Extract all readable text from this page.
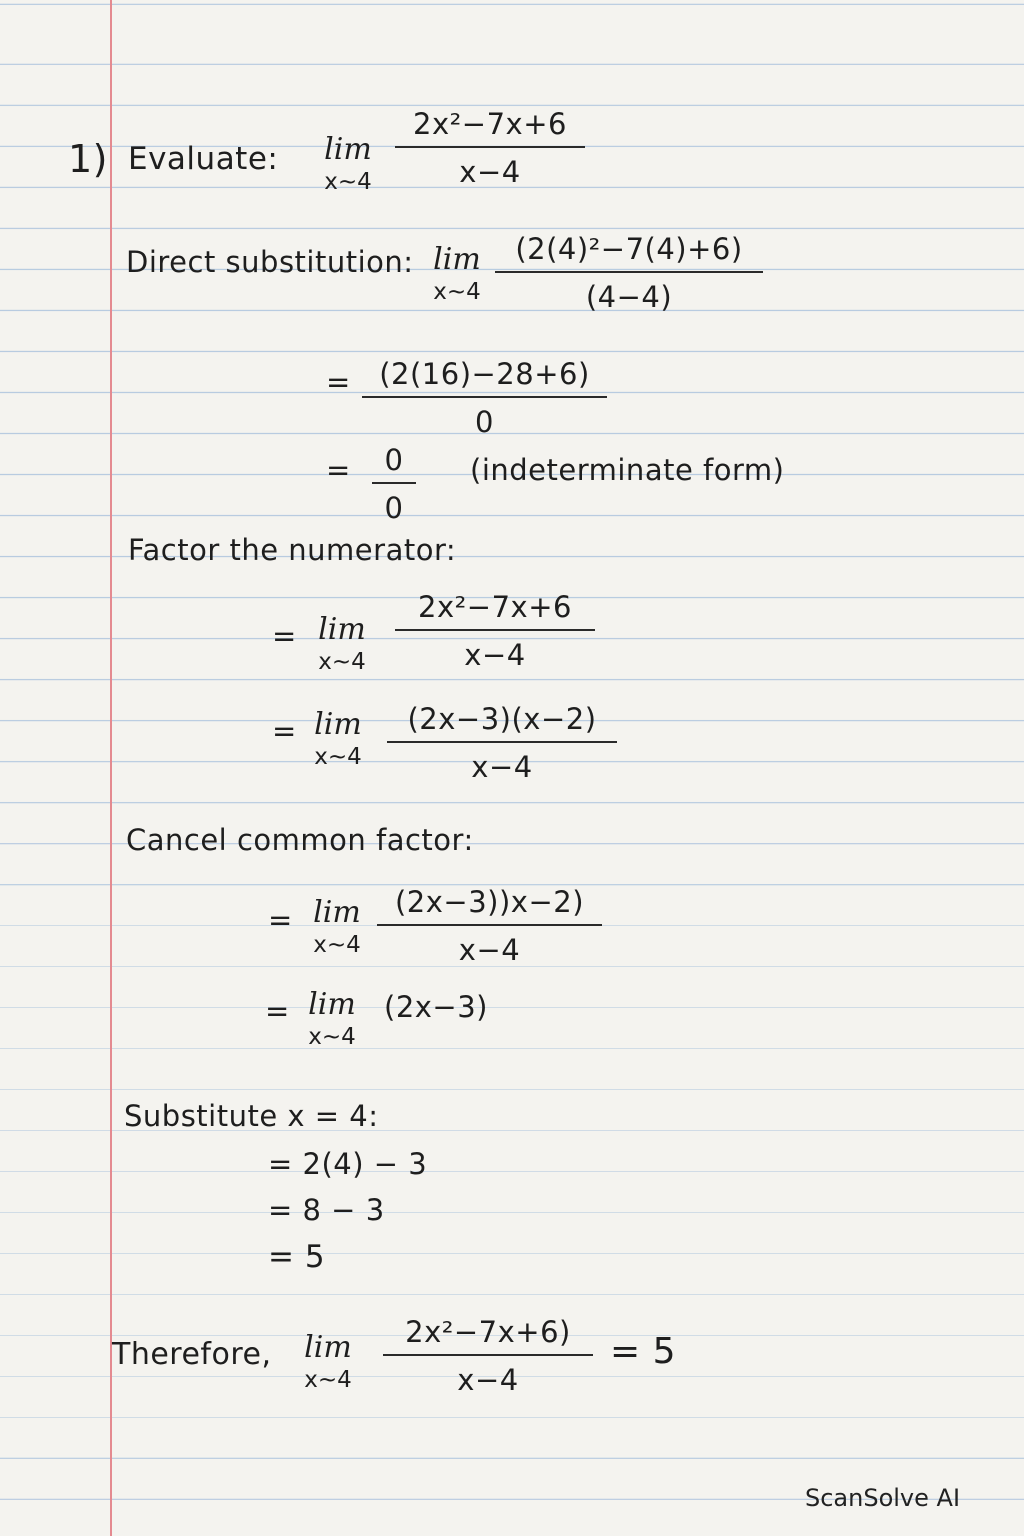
1) Evaluate:	lim
x∼4
2x²−7x+6
x−4
Direct substitution: lim
x∼4
(2(4)²−7(4)+6)
(4−4)
= (2(16)−28+6)
0
= 0
0
(indeterminate form)
Factor the numerator:
= lim
x∼4
2x²−7x+6
x−4
= lim
x∼4
(2x−3)(x−2)
x−4
Cancel common factor:
= lim
x∼4
(2x−3))x−2)
x−4
= lim
x∼4
(2x−3)
Substitute x = 4:
= 2(4) − 3
= 8 − 3
= 5
Therefore,	lim
x∼4
2x²−7x+6)
x−4
= 5
ScanSolve AI
